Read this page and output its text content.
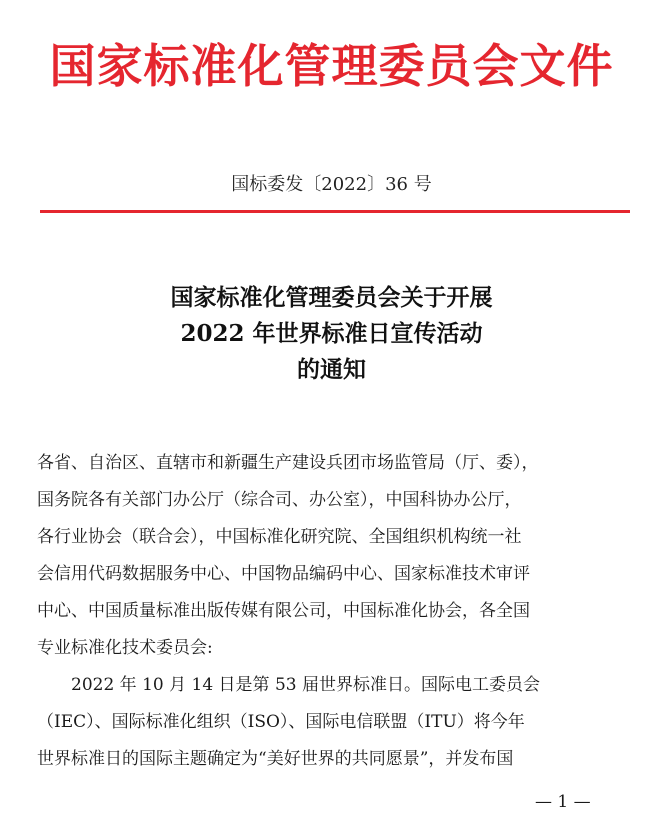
国家标准化管理委员会文件
国标委发〔2022〕36 号
国家标准化管理委员会关于开展
2022 年世界标准日宣传活动
的通知
各省、自治区、直辖市和新疆生产建设兵团市场监管局（厅、委），
国务院各有关部门办公厅（综合司、办公室），中国科协办公厅，
各行业协会（联合会），中国标准化研究院、全国组织机构统一社
会信用代码数据服务中心、中国物品编码中心、国家标准技术审评
中心、中国质量标准出版传媒有限公司，中国标准化协会，各全国
专业标准化技术委员会:
2022 年 10 月 14 日是第 53 届世界标准日。国际电工委员会
（IEC）、国际标准化组织（ISO）、国际电信联盟（ITU）将今年
世界标准日的国际主题确定为“美好世界的共同愿景”，并发布国
— 1 —
